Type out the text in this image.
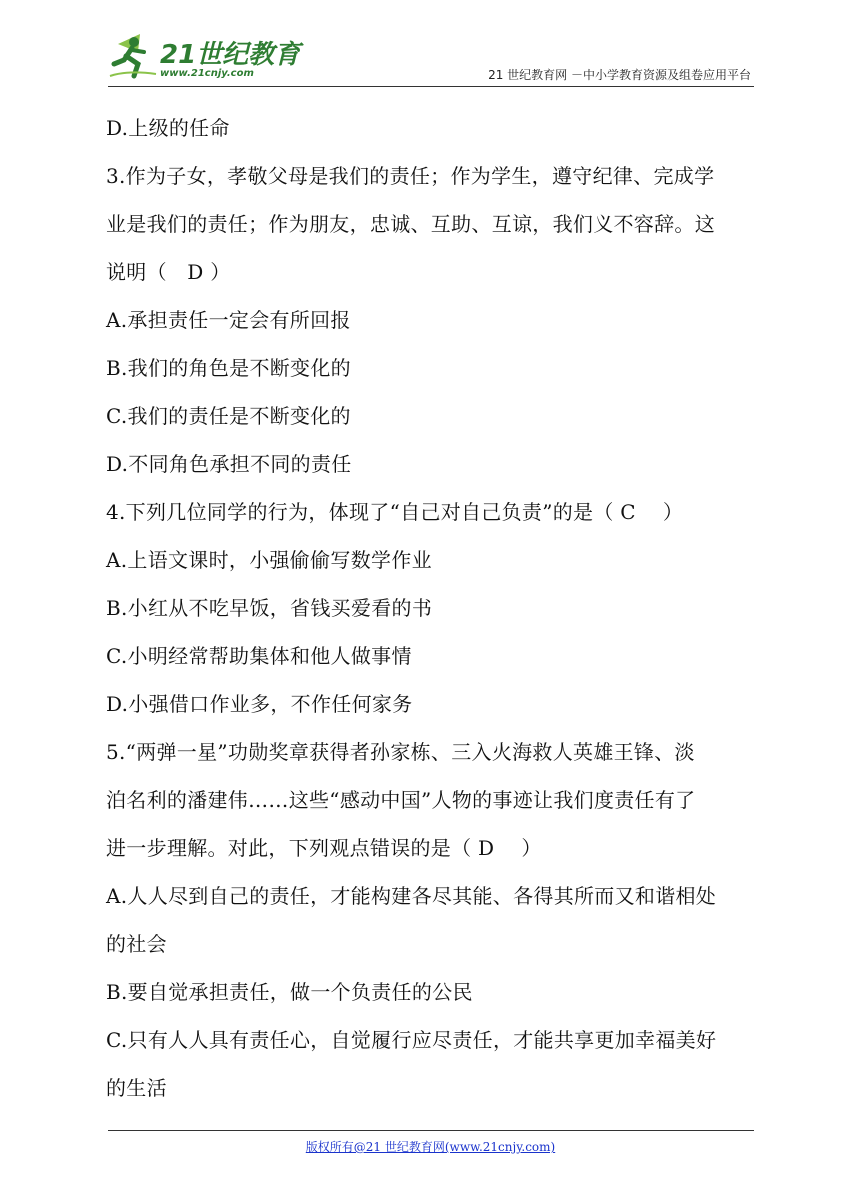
21世纪教育
www.21cnjy.com	21 世纪教育网 －中小学教育资源及组卷应用平台
D.上级的任命
3.作为子女，孝敬父母是我们的责任；作为学生，遵守纪律、完成学
业是我们的责任；作为朋友，忠诚、互助、互谅，我们义不容辞。这
说明（　D ）
A.承担责任一定会有所回报
B.我们的角色是不断变化的
C.我们的责任是不断变化的
D.不同角色承担不同的责任
4.下列几位同学的行为，体现了“自己对自己负责”的是（ C　 ）
A.上语文课时，小强偷偷写数学作业
B.小红从不吃早饭，省钱买爱看的书
C.小明经常帮助集体和他人做事情
D.小强借口作业多，不作任何家务
5.“两弹一星”功勋奖章获得者孙家栋、三入火海救人英雄王锋、淡
泊名利的潘建伟……这些“感动中国”人物的事迹让我们度责任有了
进一步理解。对此，下列观点错误的是（ D　 ）
A.人人尽到自己的责任，才能构建各尽其能、各得其所而又和谐相处
的社会
B.要自觉承担责任，做一个负责任的公民
C.只有人人具有责任心，自觉履行应尽责任，才能共享更加幸福美好
的生活
版权所有@21 世纪教育网(www.21cnjy.com)
